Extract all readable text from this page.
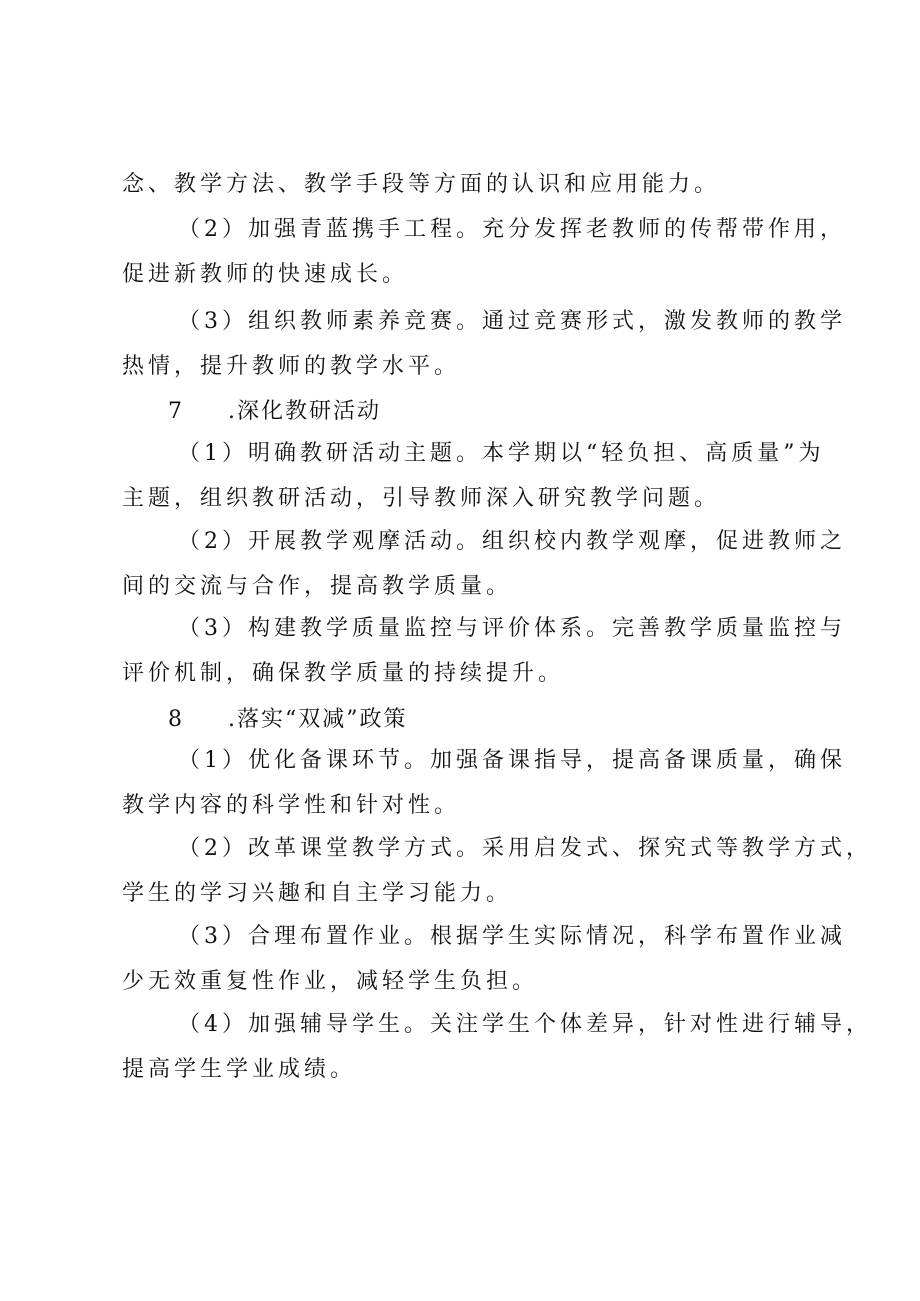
念、教学方法、教学手段等方面的认识和应用能力。
（2）加强青蓝携手工程。充分发挥老教师的传帮带作用，
促进新教师的快速成长。
（3）组织教师素养竞赛。通过竞赛形式，激发教师的教学
热情，提升教师的教学水平。
7 .深化教研活动
（1）明确教研活动主题。本学期以“轻负担、高质量”为
主题，组织教研活动，引导教师深入研究教学问题。
（2）开展教学观摩活动。组织校内教学观摩，促进教师之
间的交流与合作，提高教学质量。
（3）构建教学质量监控与评价体系。完善教学质量监控与
评价机制，确保教学质量的持续提升。
8 .落实“双减”政策
（1）优化备课环节。加强备课指导，提高备课质量，确保
教学内容的科学性和针对性。
（2）改革课堂教学方式。采用启发式、探究式等教学方式，
学生的学习兴趣和自主学习能力。
（3）合理布置作业。根据学生实际情况，科学布置作业减
少无效重复性作业，减轻学生负担。
（4）加强辅导学生。关注学生个体差异，针对性进行辅导，
提高学生学业成绩。
